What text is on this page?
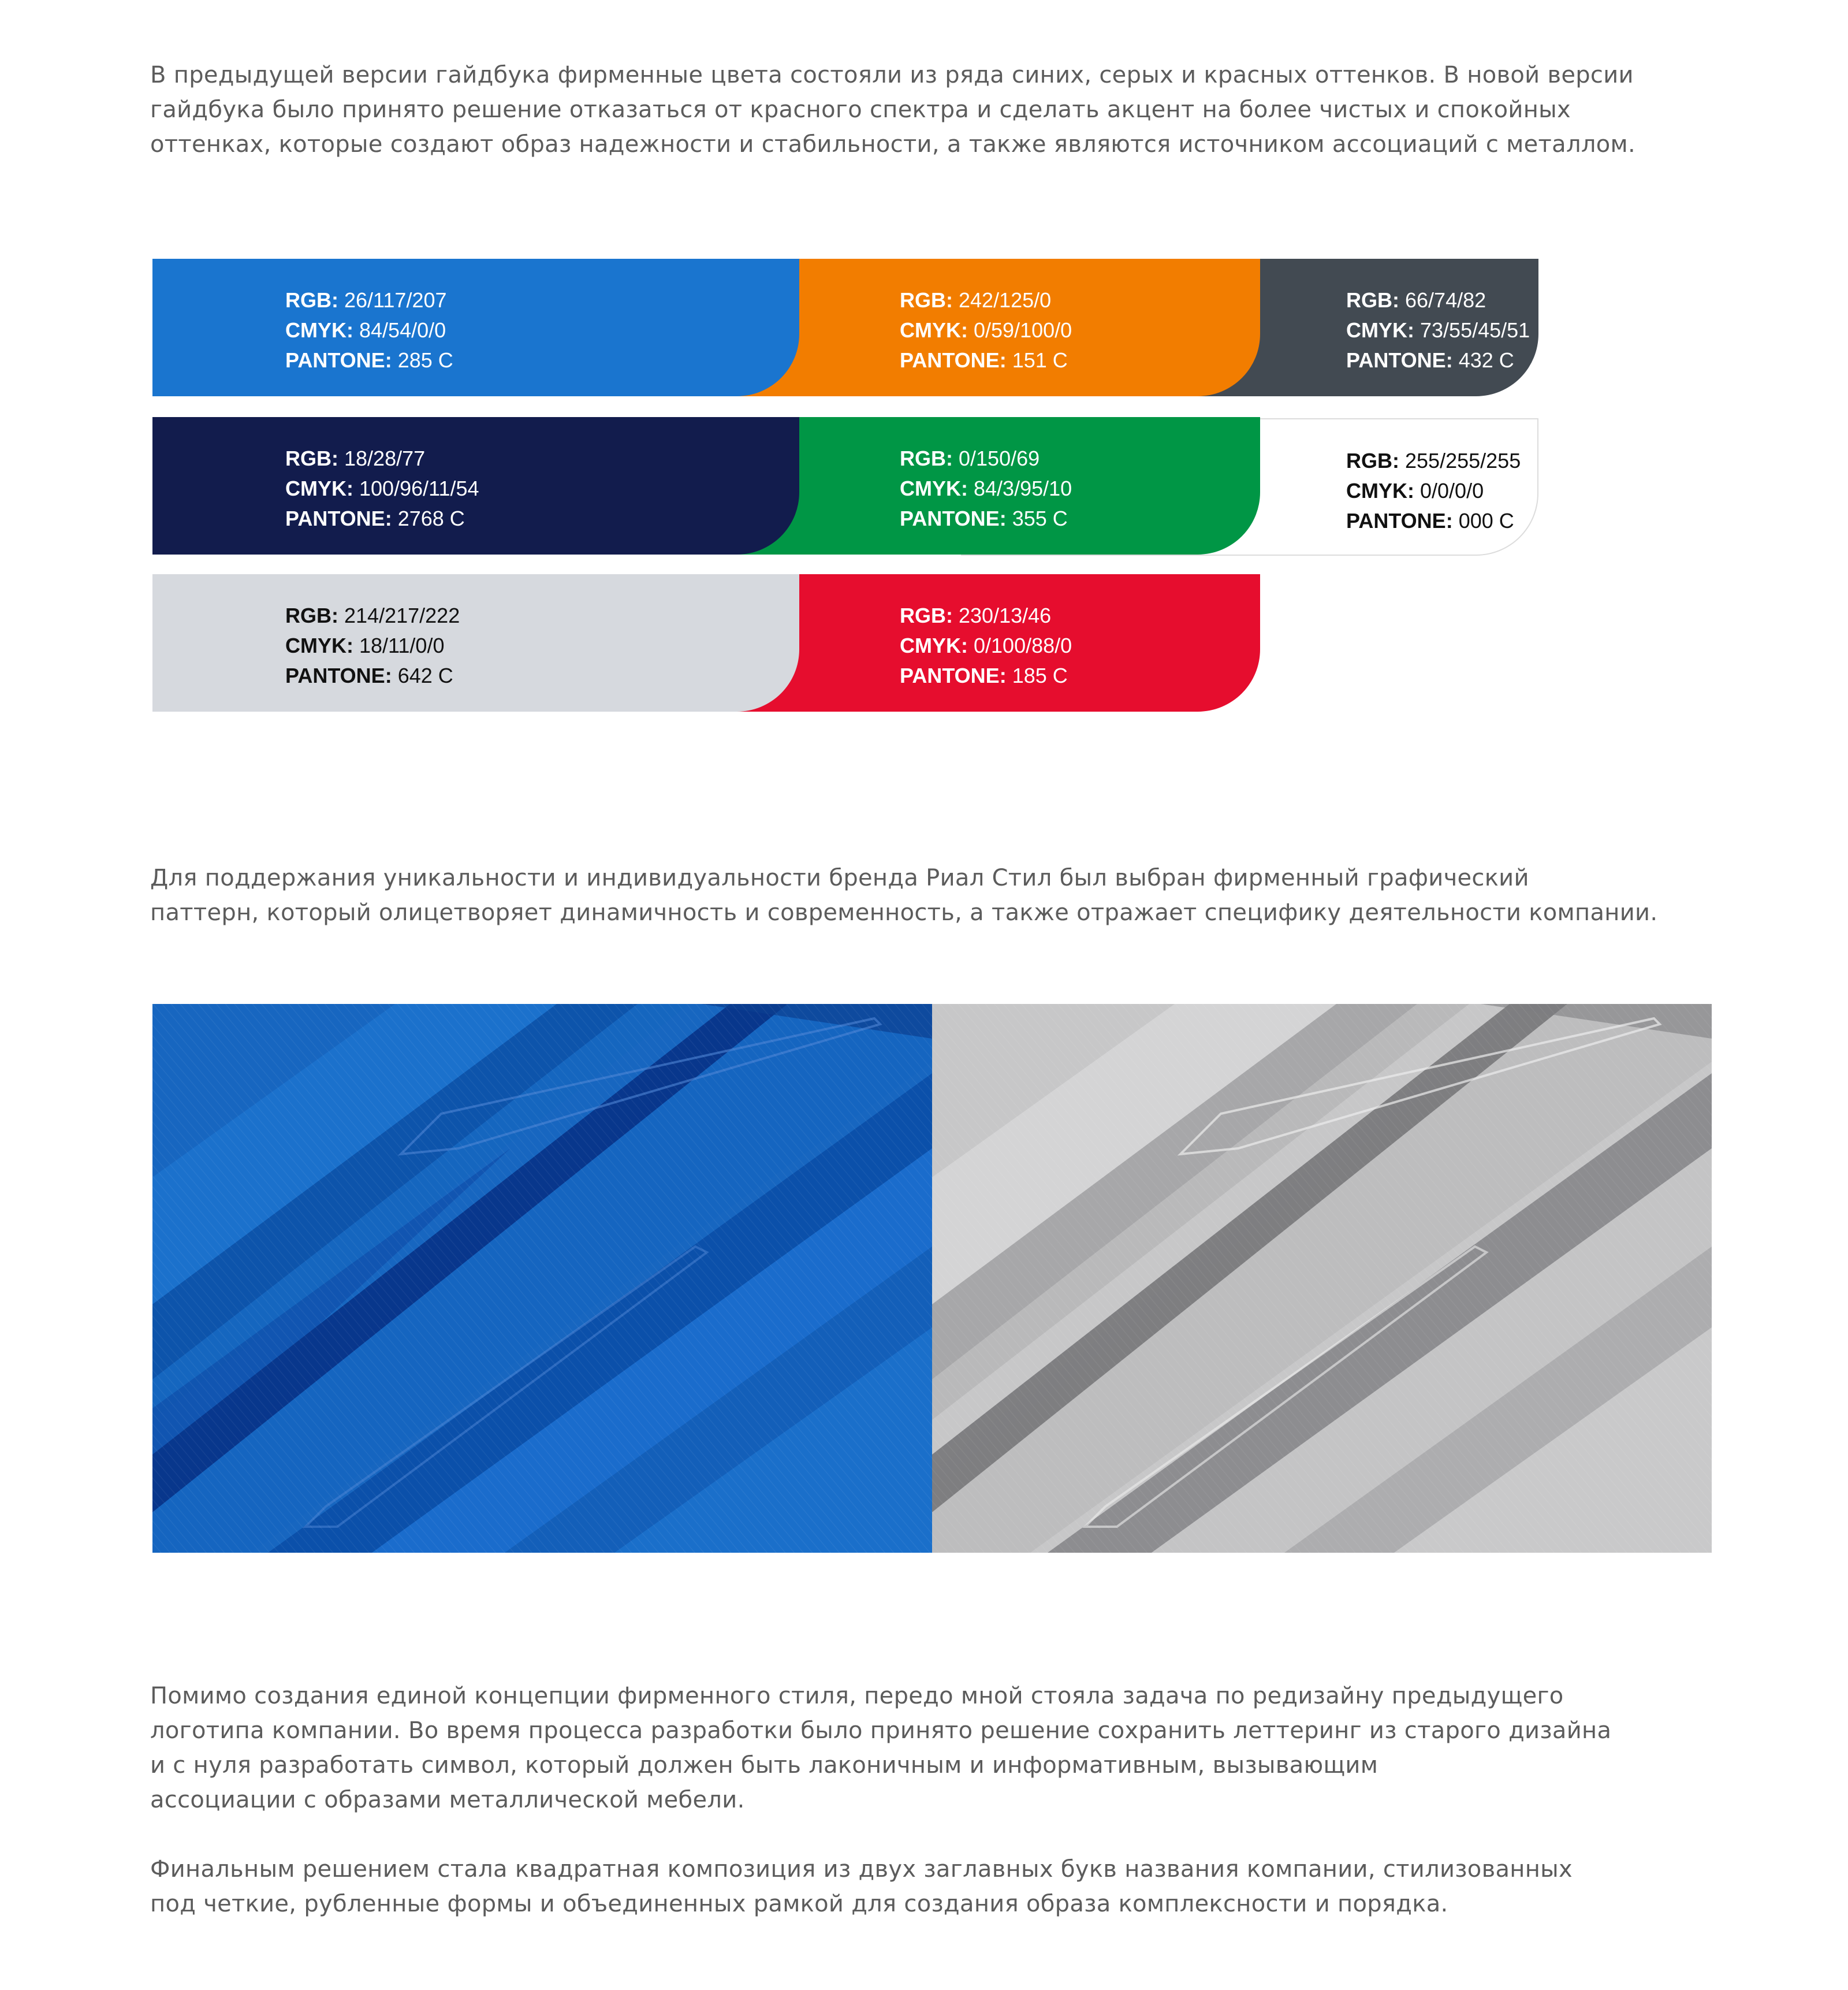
В предыдущей версии гайдбука фирменные цвета состояли из ряда синих, серых и красных оттенков. В новой версии
гайдбука было принято решение отказаться от красного спектра и сделать акцент на более чистых и спокойных
оттенках, которые создают образ надежности и стабильности, а также являются источником ассоциаций с металлом.

RGB: 66/74/82
CMYK: 73/55/45/51
PANTONE: 432 C
RGB: 242/125/0
CMYK: 0/59/100/0
PANTONE: 151 C
RGB: 26/117/207
CMYK: 84/54/0/0
PANTONE: 285 C
RGB: 255/255/255
CMYK: 0/0/0/0
PANTONE: 000 C
RGB: 0/150/69
CMYK: 84/3/95/10
PANTONE: 355 C
RGB: 18/28/77
CMYK: 100/96/11/54
PANTONE: 2768 C
RGB: 230/13/46
CMYK: 0/100/88/0
PANTONE: 185 C
RGB: 214/217/222
CMYK: 18/11/0/0
PANTONE: 642 C

Для поддержания уникальности и индивидуальности бренда Риал Стил был выбран фирменный графический
паттерн, который олицетворяет динамичность и современность, а также отражает специфику деятельности компании.

Помимо создания единой концепции фирменного стиля, передо мной стояла задача по редизайну предыдущего
логотипа компании. Во время процесса разработки было принято решение сохранить леттеринг из старого дизайна
и с нуля разработать символ, который должен быть лаконичным и информативным, вызывающим
ассоциации с образами металлической мебели.

Финальным решением стала квадратная композиция из двух заглавных букв названия компании, стилизованных
под четкие, рубленные формы и объединенных рамкой для создания образа комплексности и порядка.
